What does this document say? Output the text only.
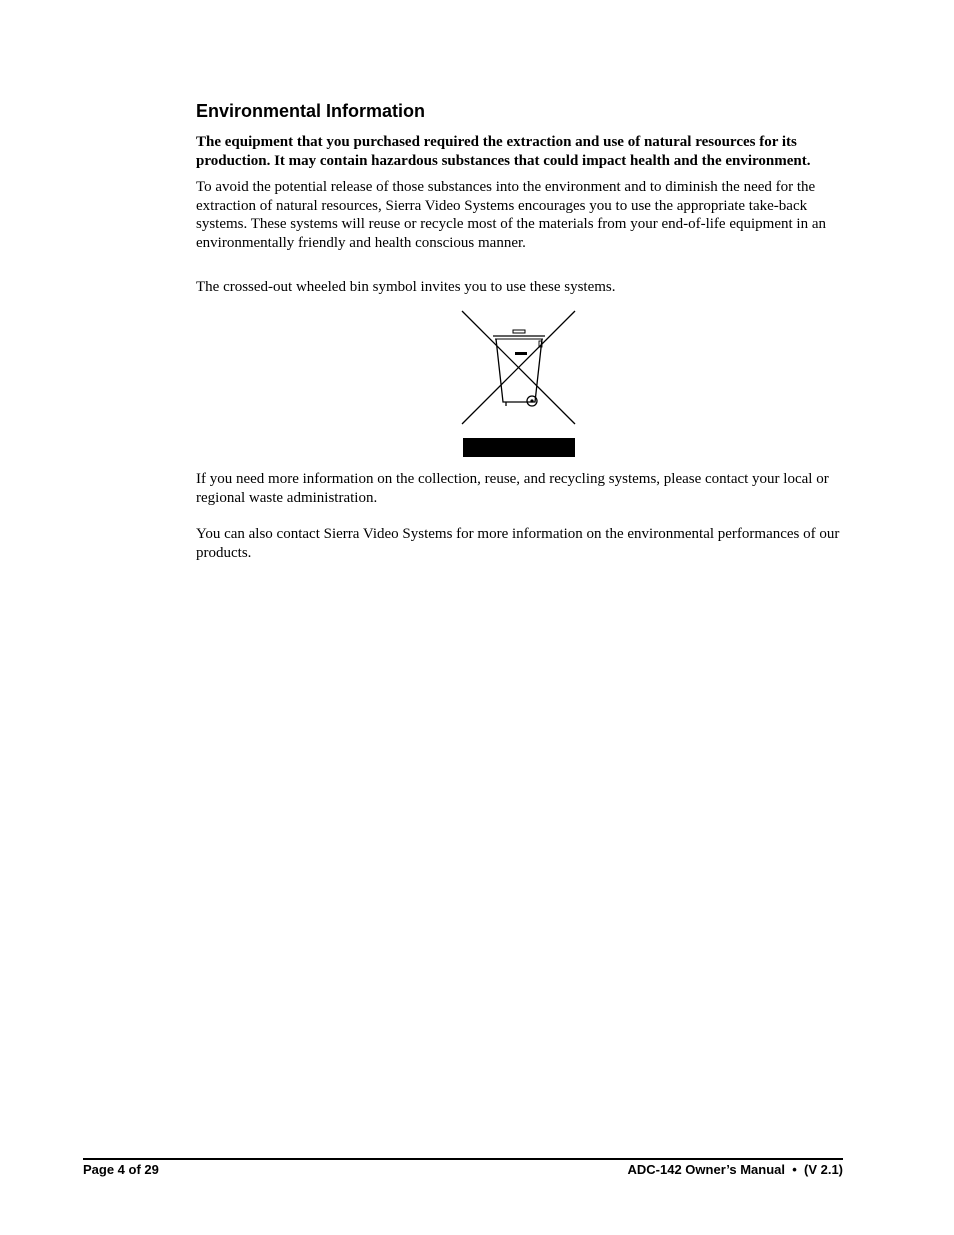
Environmental Information

The equipment that you purchased required the extraction and use of natural resources for its production. It may contain hazardous substances that could impact health and the environment.

To avoid the potential release of those substances into the environment and to diminish the need for the extraction of natural resources, Sierra Video Systems encourages you to use the appropriate take-back systems. These systems will reuse or recycle most of the materials from your end-of-life equipment in an environmentally friendly and health conscious manner.

The crossed-out wheeled bin symbol invites you to use these systems.

If you need more information on the collection, reuse, and recycling systems, please contact your local or regional waste administration.

You can also contact Sierra Video Systems for more information on the environmental performances of our products.

Page 4 of 29	ADC-142 Owner’s Manual  •  (V 2.1)
